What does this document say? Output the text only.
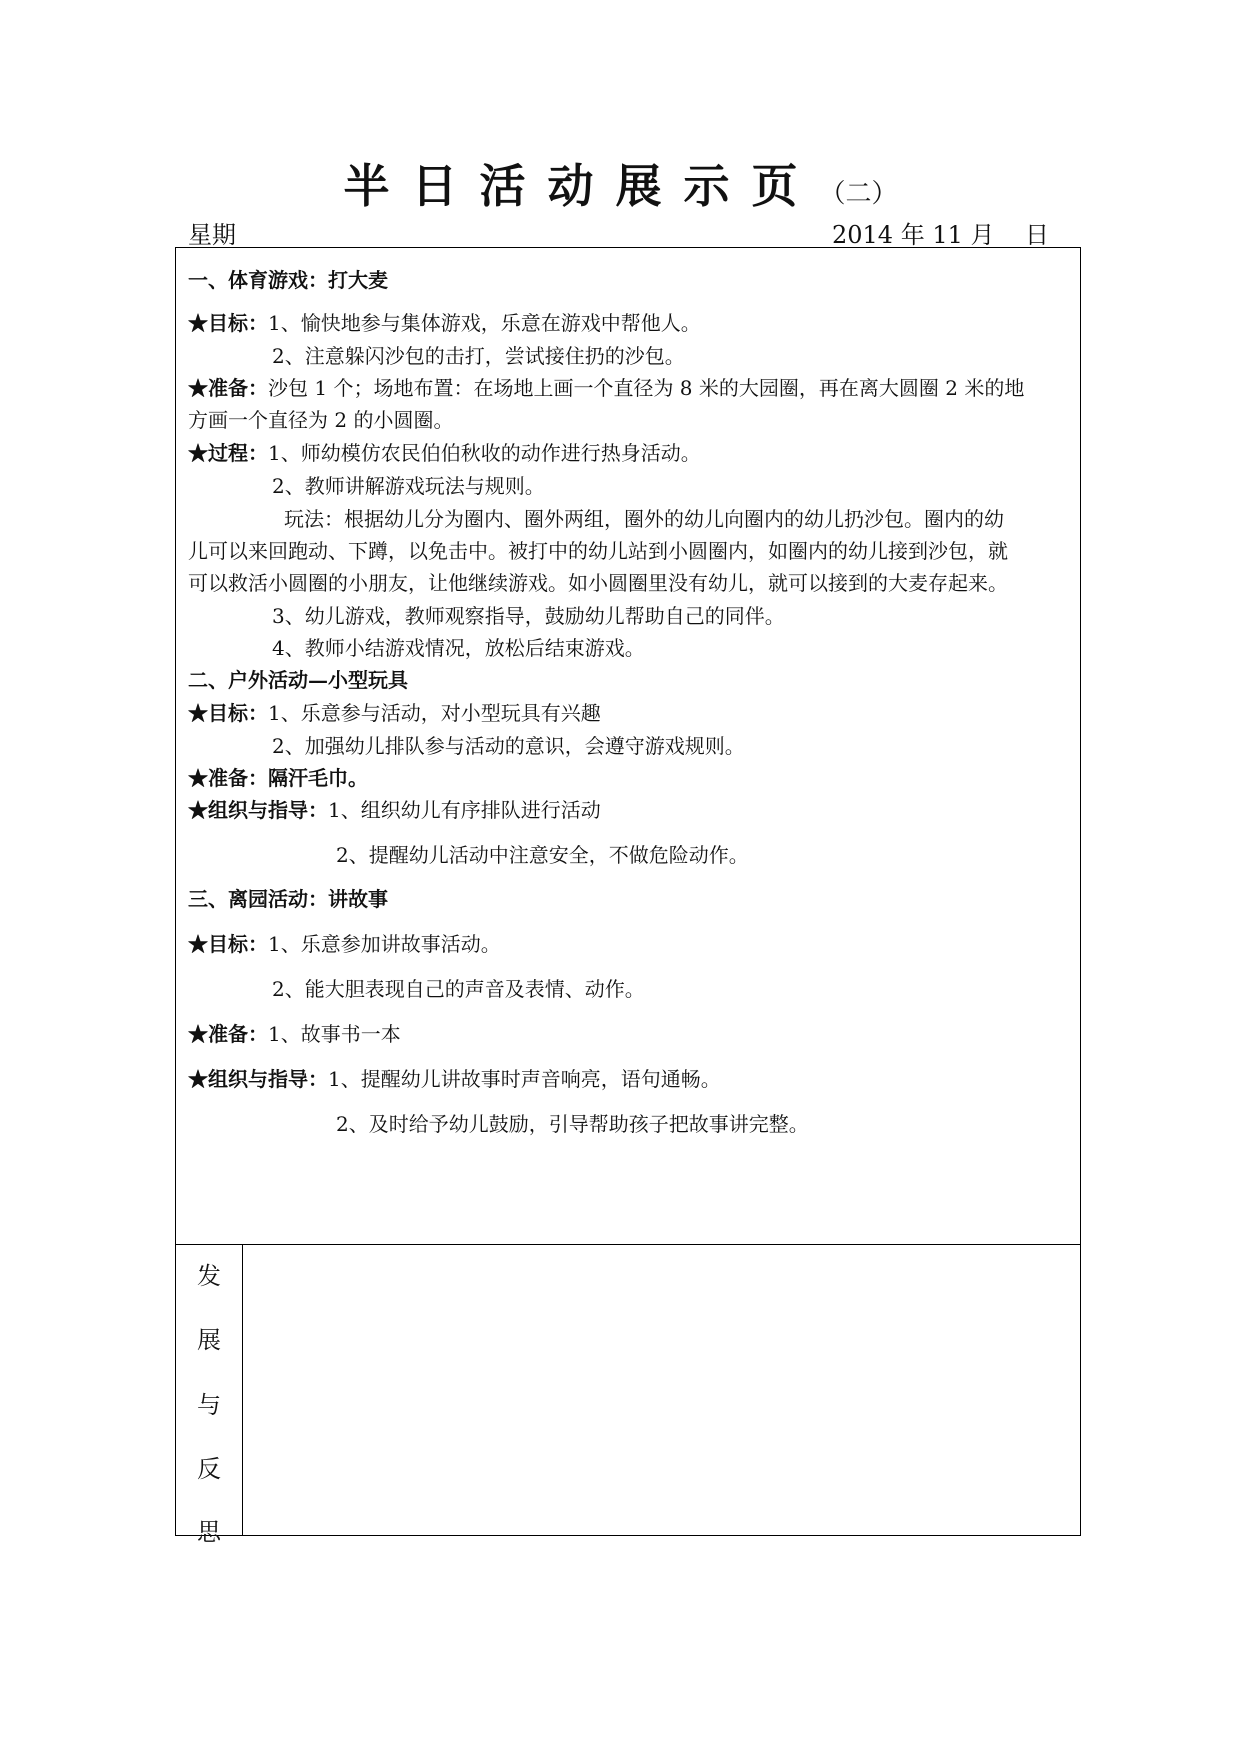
半日活动展示页（二）
星期	2014 年 11 月    日
一、体育游戏：打大麦
★目标：1、愉快地参与集体游戏，乐意在游戏中帮他人。
2、注意躲闪沙包的击打，尝试接住扔的沙包。
★准备：沙包 1 个；场地布置：在场地上画一个直径为 8 米的大园圈，再在离大圆圈 2 米的地
方画一个直径为 2 的小圆圈。
★过程：1、师幼模仿农民伯伯秋收的动作进行热身活动。
2、教师讲解游戏玩法与规则。
玩法：根据幼儿分为圈内、圈外两组，圈外的幼儿向圈内的幼儿扔沙包。圈内的幼
儿可以来回跑动、下蹲，以免击中。被打中的幼儿站到小圆圈内，如圈内的幼儿接到沙包，就
可以救活小圆圈的小朋友，让他继续游戏。如小圆圈里没有幼儿，就可以接到的大麦存起来。
3、幼儿游戏，教师观察指导，鼓励幼儿帮助自己的同伴。
4、教师小结游戏情况，放松后结束游戏。
二、户外活动—小型玩具
★目标：1、乐意参与活动，对小型玩具有兴趣
2、加强幼儿排队参与活动的意识，会遵守游戏规则。
★准备：隔汗毛巾。
★组织与指导：1、组织幼儿有序排队进行活动
2、提醒幼儿活动中注意安全，不做危险动作。
三、离园活动：讲故事
★目标：1、乐意参加讲故事活动。
2、能大胆表现自己的声音及表情、动作。
★准备：1、故事书一本
★组织与指导：1、提醒幼儿讲故事时声音响亮，语句通畅。
2、及时给予幼儿鼓励，引导帮助孩子把故事讲完整。
发
展
与
反
思
